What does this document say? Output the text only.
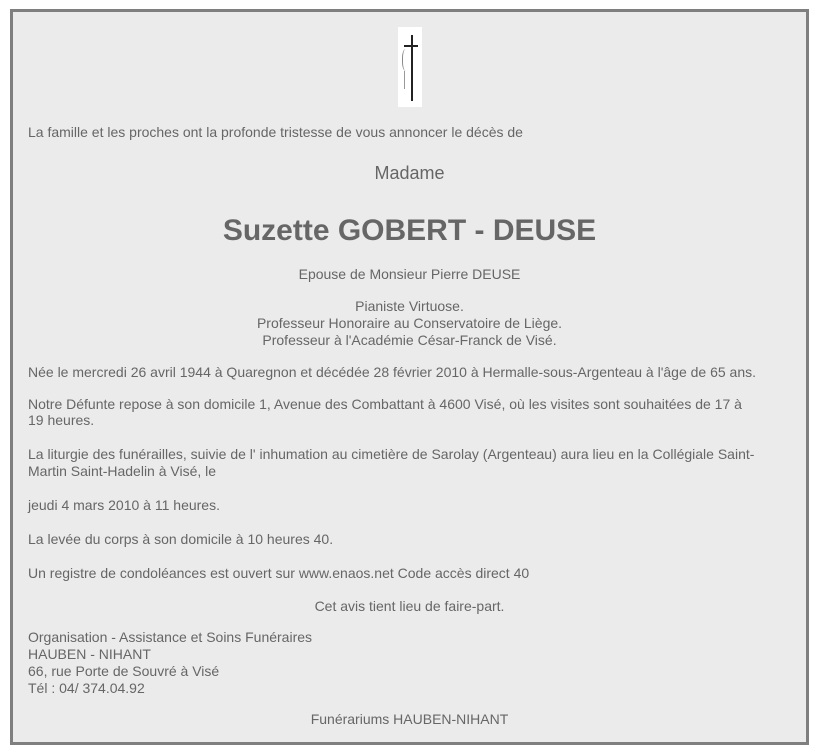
La famille et les proches ont la profonde tristesse de vous annoncer le décès de
Madame
Suzette GOBERT - DEUSE
Epouse de Monsieur Pierre DEUSE
Pianiste Virtuose.
Professeur Honoraire au Conservatoire de Liège.
Professeur à l'Académie César-Franck de Visé.
Née le mercredi 26 avril 1944 à Quaregnon et décédée 28 février 2010 à Hermalle-sous-Argenteau à l'âge de 65 ans.
Notre Défunte repose à son domicile 1, Avenue des Combattant à 4600 Visé, où les visites sont souhaitées de 17 à
19 heures.
La liturgie des funérailles, suivie de l' inhumation au cimetière de Sarolay (Argenteau) aura lieu en la Collégiale Saint-
Martin Saint-Hadelin à Visé, le
jeudi 4 mars 2010 à 11 heures.
La levée du corps à son domicile à 10 heures 40.
Un registre de condoléances est ouvert sur www.enaos.net Code accès direct 40
Cet avis tient lieu de faire-part.
Organisation - Assistance et Soins Funéraires
HAUBEN - NIHANT
66, rue Porte de Souvré à Visé
Tél : 04/ 374.04.92
Funérariums HAUBEN-NIHANT
